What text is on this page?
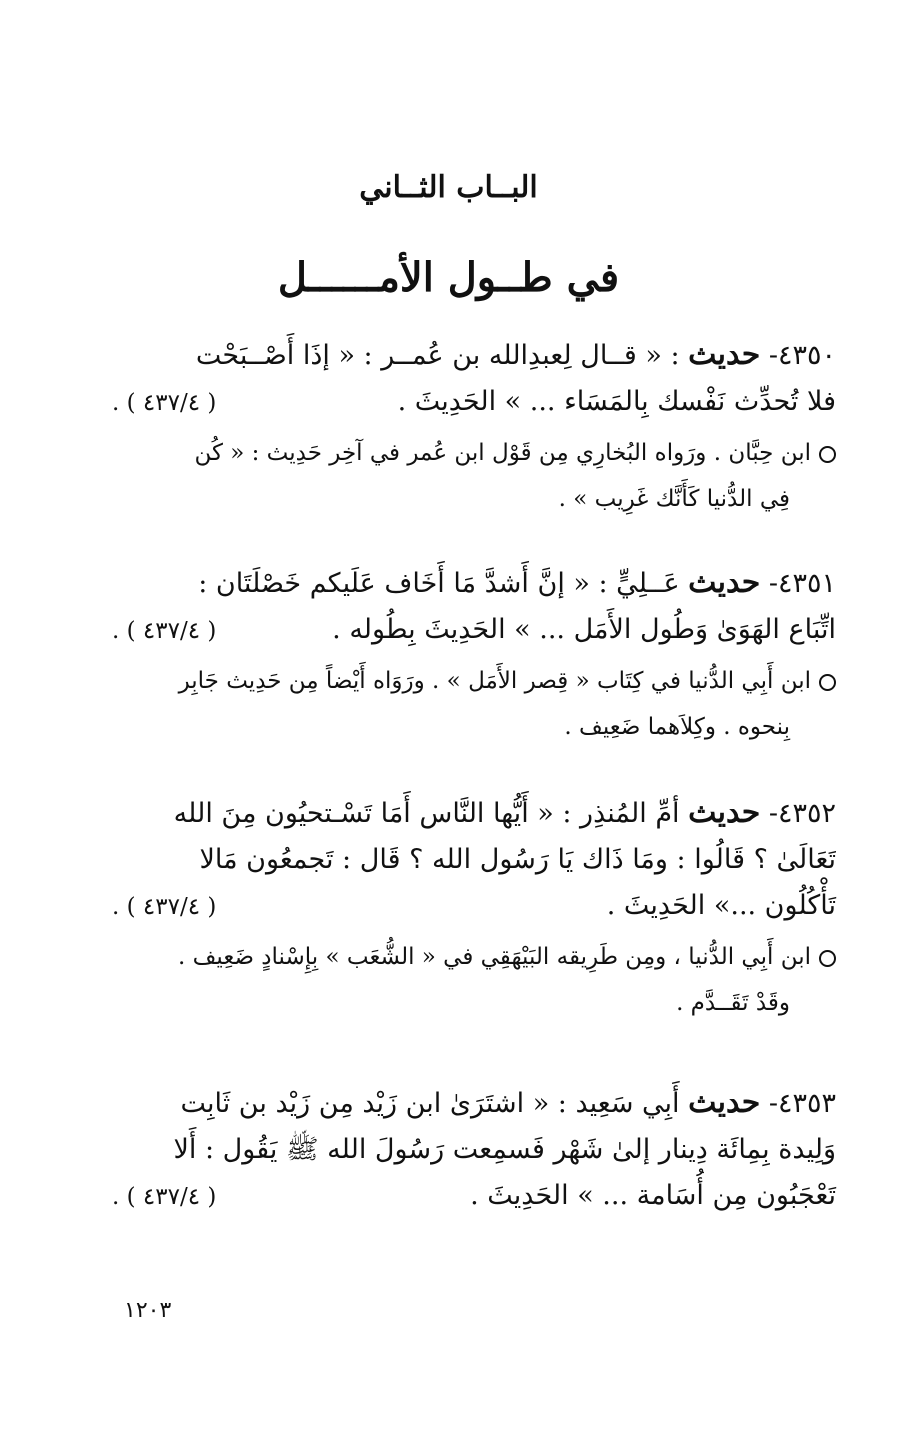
البــاب الثــاني
في طــول الأمــــــل
٤٣٥٠- حديث : « قــال لِعبدِالله بن عُمــر : « إذَا أَصْــبَحْت
فلا تُحدِّث نَفْسك بِالمَسَاء ... » الحَدِيثَ .
( ٤٣٧/٤ ) .
ابن حِبَّان . ورَواه البُخارِي مِن قَوْل ابن عُمر في آخِر حَدِيث : « كُن
فِي الدُّنيا كَأَنَّك غَرِيب » .
٤٣٥١- حديث عَــلِيٍّ : « إنَّ أَشدَّ مَا أَخَاف عَلَيكم خَصْلَتَان :
اتِّبَاع الهَوَىٰ وَطُول الأَمَل ... » الحَدِيثَ بِطُوله .
( ٤٣٧/٤ ) .
ابن أَبِي الدُّنيا في كِتَاب « قِصر الأَمَل » . ورَوَاه أَيْضاً مِن حَدِيث جَابِر
بِنحوه . وكِلاَهما ضَعِيف .
٤٣٥٢- حديث أمِّ المُنذِر : « أَيُّها النَّاس أَمَا تَسْـتحيُون مِنَ الله
تَعَالَىٰ ؟ قَالُوا : ومَا ذَاك يَا رَسُول الله ؟ قَال : تَجمعُون مَالا
تَأْكُلُون ...» الحَدِيثَ .
( ٤٣٧/٤ ) .
ابن أَبِي الدُّنيا ، ومِن طَرِيقه البَيْهَقِي في « الشُّعَب » بِإِسْنادٍ ضَعِيف .
وقَدْ تَقَــدَّم .
٤٣٥٣- حديث أَبِي سَعِيد : « اشتَرَىٰ ابن زَيْد مِن زَيْد بن ثَابِت
وَلِيدة بِمِائَة دِينار إلىٰ شَهْر فَسمِعت رَسُولَ الله ﷺ يَقُول : أَلا
تَعْجَبُون مِن أُسَامة ... » الحَدِيثَ .
( ٤٣٧/٤ ) .
١٢٠٣
